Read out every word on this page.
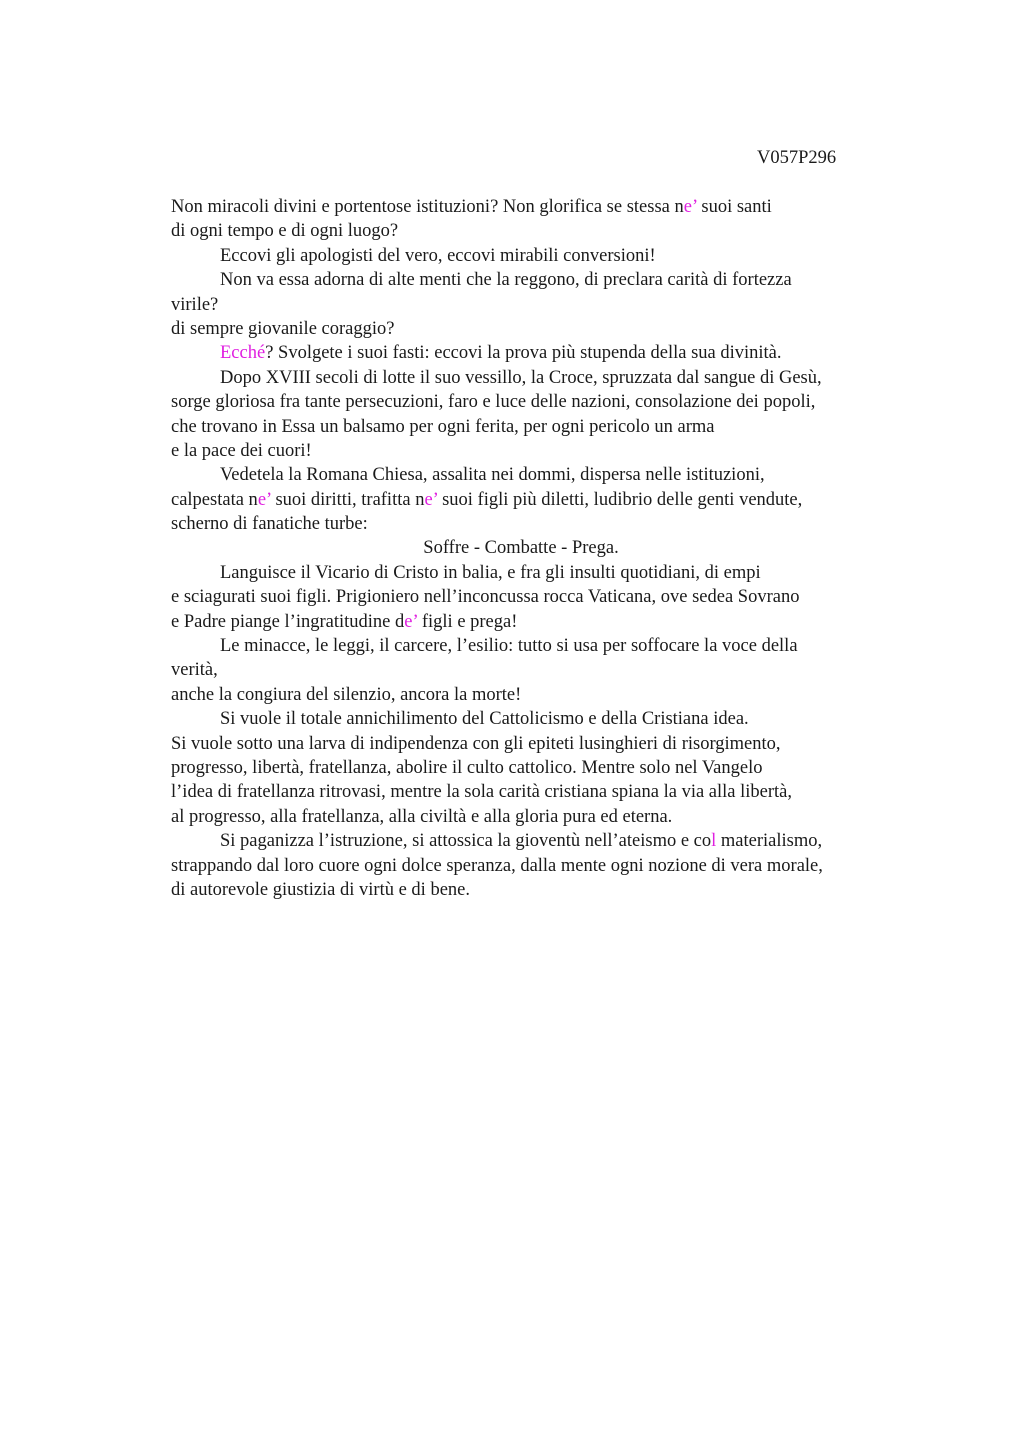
V057P296
Non miracoli divini e portentose istituzioni? Non glorifica se stessa ne’ suoi santi
di ogni tempo e di ogni luogo?
Eccovi gli apologisti del vero, eccovi mirabili conversioni!
Non va essa adorna di alte menti che la reggono, di preclara carità di fortezza
virile?
di sempre giovanile coraggio?
Ecché? Svolgete i suoi fasti: eccovi la prova più stupenda della sua divinità.
Dopo XVIII secoli di lotte il suo vessillo, la Croce, spruzzata dal sangue di Gesù,
sorge gloriosa fra tante persecuzioni, faro e luce delle nazioni, consolazione dei popoli,
che trovano in Essa un balsamo per ogni ferita, per ogni pericolo un arma
e la pace dei cuori!
Vedetela la Romana Chiesa, assalita nei dommi, dispersa nelle istituzioni,
calpestata ne’ suoi diritti, trafitta ne’ suoi figli più diletti, ludibrio delle genti vendute,
scherno di fanatiche turbe:
Soffre - Combatte - Prega.
Languisce il Vicario di Cristo in balia, e fra gli insulti quotidiani, di empi
e sciagurati suoi figli. Prigioniero nell’inconcussa rocca Vaticana, ove sedea Sovrano
e Padre piange l’ingratitudine de’ figli e prega!
Le minacce, le leggi, il carcere, l’esilio: tutto si usa per soffocare la voce della
verità,
anche la congiura del silenzio, ancora la morte!
Si vuole il totale annichilimento del Cattolicismo e della Cristiana idea.
Si vuole sotto una larva di indipendenza con gli epiteti lusinghieri di risorgimento,
progresso, libertà, fratellanza, abolire il culto cattolico. Mentre solo nel Vangelo
l’idea di fratellanza ritrovasi, mentre la sola carità cristiana spiana la via alla libertà,
al progresso, alla fratellanza, alla civiltà e alla gloria pura ed eterna.
Si paganizza l’istruzione, si attossica la gioventù nell’ateismo e col materialismo,
strappando dal loro cuore ogni dolce speranza, dalla mente ogni nozione di vera morale,
di autorevole giustizia di virtù e di bene.
